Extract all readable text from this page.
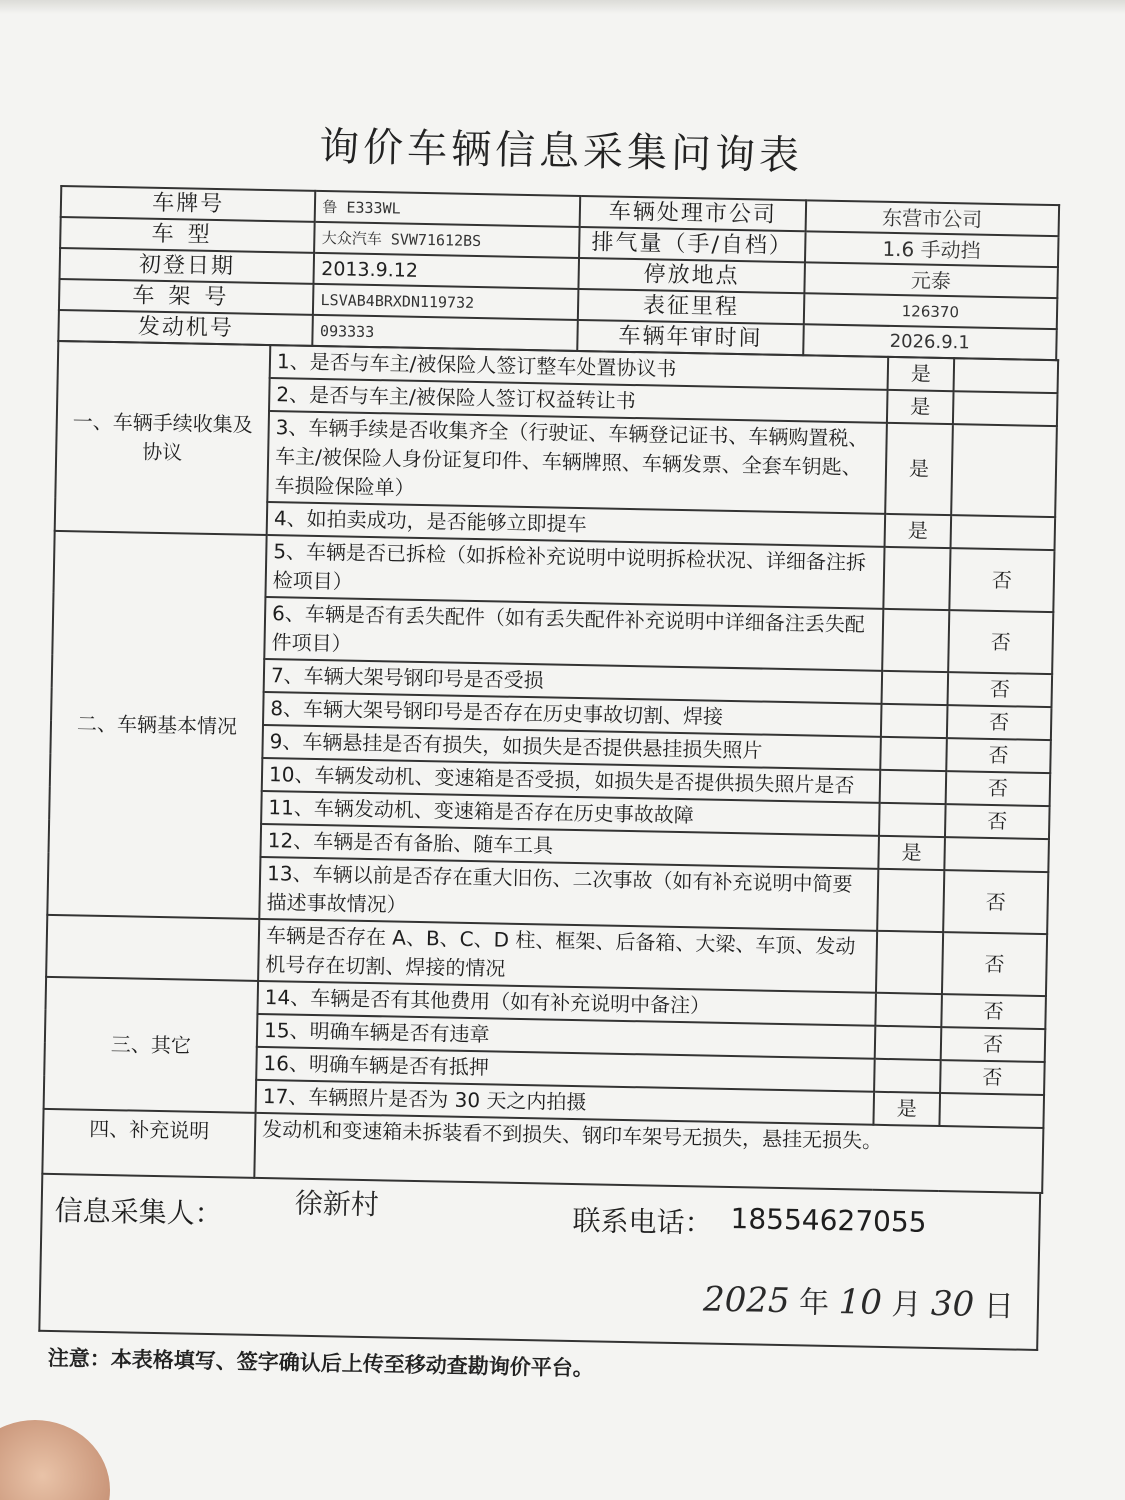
询价车辆信息采集问询表
车牌号	鲁 E333WL	车辆处理市公司	东营市公司
车型	大众汽车 SVW71612BS	排气量（手/自档）	1.6 手动挡
初登日期	2013.9.12	停放地点	元泰
车架号	LSVAB4BRXDN119732	表征里程	126370
发动机号	093333	车辆年审时间	2026.9.1
一、车辆手续收集及协议	1、是否与车主/被保险人签订整车处置协议书	是	
	2、是否与车主/被保险人签订权益转让书	是	
	3、车辆手续是否收集齐全（行驶证、车辆登记证书、车辆购置税、车主/被保险人身份证复印件、车辆牌照、车辆发票、全套车钥匙、车损险保险单）	是	
	4、如拍卖成功，是否能够立即提车	是	
二、车辆基本情况	5、车辆是否已拆检（如拆检补充说明中说明拆检状况、详细备注拆检项目）		否
	6、车辆是否有丢失配件（如有丢失配件补充说明中详细备注丢失配件项目）		否
	7、车辆大架号钢印号是否受损		否
	8、车辆大架号钢印号是否存在历史事故切割、焊接		否
	9、车辆悬挂是否有损失，如损失是否提供悬挂损失照片		否
	10、车辆发动机、变速箱是否受损，如损失是否提供损失照片是否		否
	11、车辆发动机、变速箱是否存在历史事故故障		否
	12、车辆是否有备胎、随车工具	是	
	13、车辆以前是否存在重大旧伤、二次事故（如有补充说明中简要描述事故情况）		否
	车辆是否存在 A、B、C、D 柱、框架、后备箱、大梁、车顶、发动机号存在切割、焊接的情况		否
三、其它	14、车辆是否有其他费用（如有补充说明中备注）		否
	15、明确车辆是否有违章		否
	16、明确车辆是否有抵押		否
	17、车辆照片是否为 30 天之内拍摄	是	
四、补充说明	发动机和变速箱未拆装看不到损失、钢印车架号无损失，悬挂无损失。		
信息采集人：	徐新村
联系电话： 18554627055
2025 年 10 月 30 日
注意：本表格填写、签字确认后上传至移动查勘询价平台。
